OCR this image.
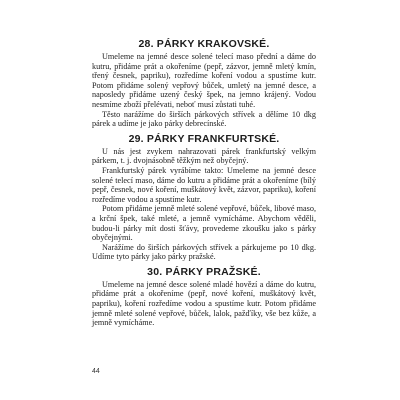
28. PÁRKY KRAKOVSKÉ.

Umeleme na jemné desce solené telecí maso přední a dáme do kutru, přidáme prát a okořeníme (pepř, zázvor, jemně mletý kmín, třený česnek, papriku), rozředíme koření vodou a spustíme kutr. Potom přidáme solený vepřový bůček, umletý na jemné desce, a naposledy přidáme uzený český špek, na jemno krájený. Vodou nesmíme zboží přelévati, neboť musí zůstati tuhé.

Těsto narážíme do širších párkových střívek a dělíme 10 dkg párek a udíme je jako párky debrecínské.

29. PÁRKY FRANKFURTSKÉ.

U nás jest zvykem nahrazovati párek frankfurtský velkým párkem, t. j. dvojnásobně těžkým než obyčejný.

Frankfurtský párek vyrábíme takto: Umeleme na jemné desce solené telecí maso, dáme do kutru a přidáme prát a okořeníme (bílý pepř, česnek, nové koření, muškátový květ, zázvor, papriku), koření rozředíme vodou a spustíme kutr.

Potom přidáme jemně mleté solené vepřové, bůček, libové maso, a krční špek, také mleté, a jemně vymícháme. Abychom věděli, budou-li párky mít dosti šťávy, provedeme zkoušku jako s párky obyčejnými.

Narážíme do širších párkových střívek a párkujeme po 10 dkg. Udíme tyto párky jako párky pražské.

30. PÁRKY PRAŽSKÉ.

Umeleme na jemné desce solené mladé hovězí a dáme do kutru, přidáme prát a okořeníme (pepř, nové koření, muškátový květ, papriku), koření rozředíme vodou a spustíme kutr. Potom přidáme jemně mleté solené vepřové, bůček, lalok, pažďíky, vše bez kůže, a jemně vymícháme.

44
